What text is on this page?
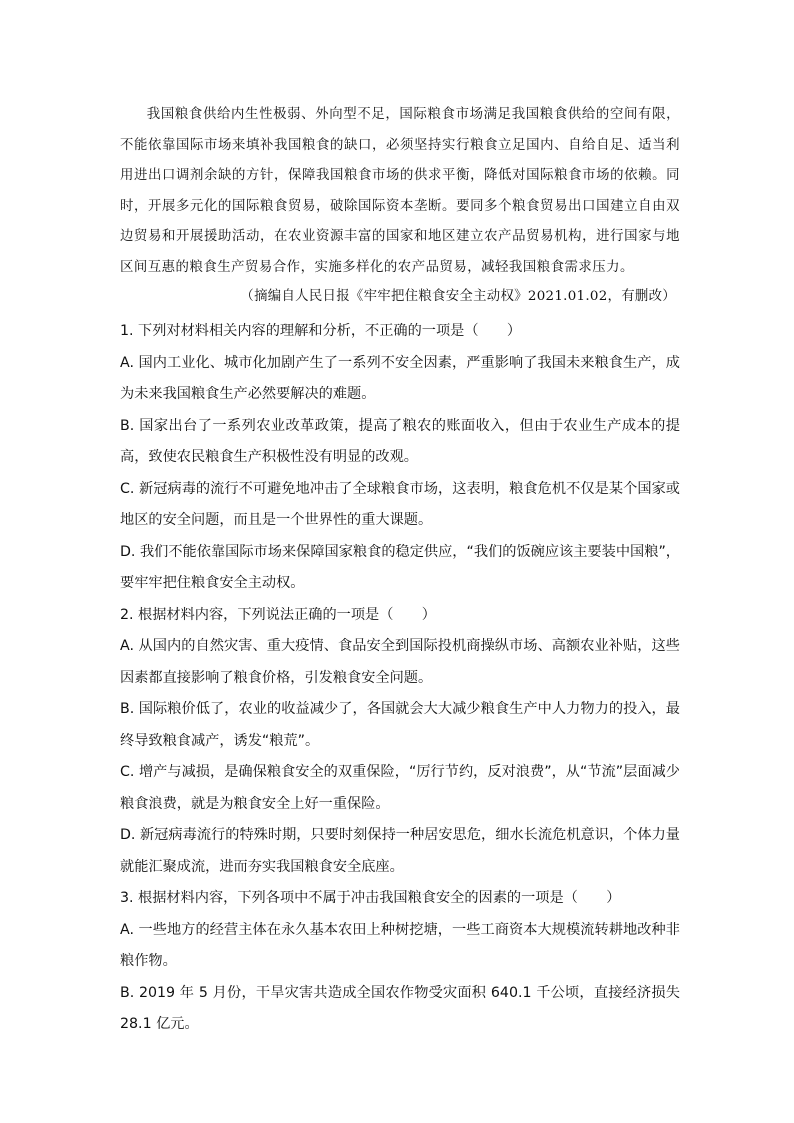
我国粮食供给内生性极弱、外向型不足，国际粮食市场满足我国粮食供给的空间有限，不能依靠国际市场来填补我国粮食的缺口，必须坚持实行粮食立足国内、自给自足、适当利用进出口调剂余缺的方针，保障我国粮食市场的供求平衡，降低对国际粮食市场的依赖。同时，开展多元化的国际粮食贸易，破除国际资本垄断。要同多个粮食贸易出口国建立自由双边贸易和开展援助活动，在农业资源丰富的国家和地区建立农产品贸易机构，进行国家与地区间互惠的粮食生产贸易合作，实施多样化的农产品贸易，减轻我国粮食需求压力。

（摘编自人民日报《牢牢把住粮食安全主动权》2021.01.02，有删改）

1. 下列对材料相关内容的理解和分析，不正确的一项是（　　）

A. 国内工业化、城市化加剧产生了一系列不安全因素，严重影响了我国未来粮食生产，成为未来我国粮食生产必然要解决的难题。

B. 国家出台了一系列农业改革政策，提高了粮农的账面收入，但由于农业生产成本的提高，致使农民粮食生产积极性没有明显的改观。

C. 新冠病毒的流行不可避免地冲击了全球粮食市场，这表明，粮食危机不仅是某个国家或地区的安全问题，而且是一个世界性的重大课题。

D. 我们不能依靠国际市场来保障国家粮食的稳定供应，“我们的饭碗应该主要装中国粮”，要牢牢把住粮食安全主动权。

2. 根据材料内容，下列说法正确的一项是（　　）

A. 从国内的自然灾害、重大疫情、食品安全到国际投机商操纵市场、高额农业补贴，这些因素都直接影响了粮食价格，引发粮食安全问题。

B. 国际粮价低了，农业的收益减少了，各国就会大大减少粮食生产中人力物力的投入，最终导致粮食减产，诱发“粮荒”。

C. 增产与减损，是确保粮食安全的双重保险，“厉行节约，反对浪费”，从“节流”层面减少粮食浪费，就是为粮食安全上好一重保险。

D. 新冠病毒流行的特殊时期，只要时刻保持一种居安思危，细水长流危机意识，个体力量就能汇聚成流，进而夯实我国粮食安全底座。

3. 根据材料内容，下列各项中不属于冲击我国粮食安全的因素的一项是（　　）

A. 一些地方的经营主体在永久基本农田上种树挖塘，一些工商资本大规模流转耕地改种非粮作物。

B. 2019 年 5 月份，干旱灾害共造成全国农作物受灾面积 640.1 千公顷，直接经济损失 28.1 亿元。
